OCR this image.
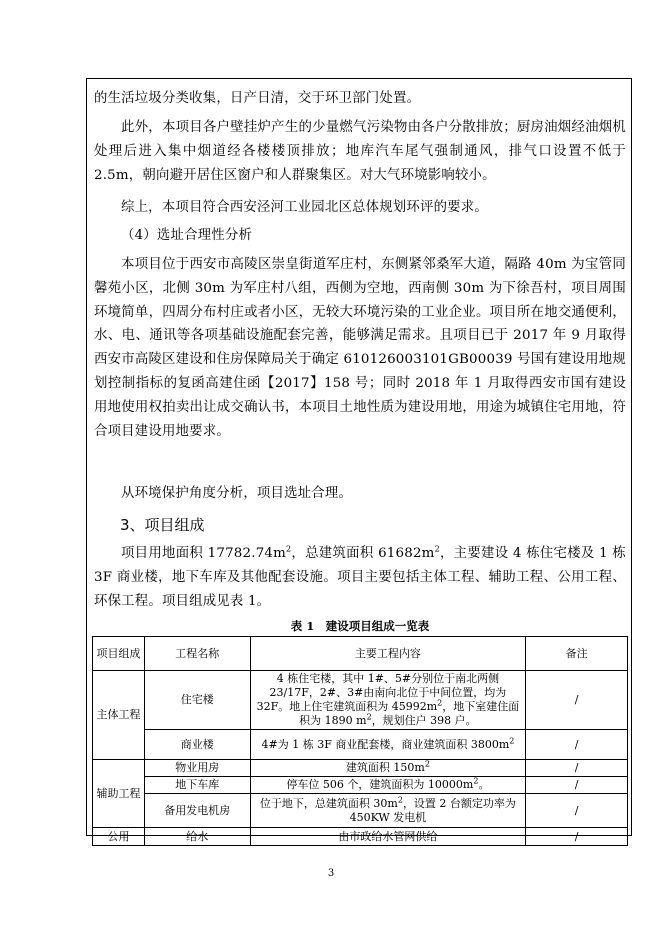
的生活垃圾分类收集，日产日清，交于环卫部门处置。

此外，本项目各户壁挂炉产生的少量燃气污染物由各户分散排放；厨房油烟经油烟机处理后进入集中烟道经各楼楼顶排放；地库汽车尾气强制通风，排气口设置不低于 2.5m，朝向避开居住区窗户和人群聚集区。对大气环境影响较小。

综上，本项目符合西安泾河工业园北区总体规划环评的要求。

（4）选址合理性分析

本项目位于西安市高陵区崇皇街道军庄村，东侧紧邻桑军大道，隔路 40m 为宝管同馨苑小区，北侧 30m 为军庄村八组，西侧为空地，西南侧 30m 为下徐吾村，项目周围环境简单，四周分布村庄或者小区，无较大环境污染的工业企业。项目所在地交通便利，水、电、通讯等各项基础设施配套完善，能够满足需求。且项目已于 2017 年 9 月取得西安市高陵区建设和住房保障局关于确定 610126003101GB00039 号国有建设用地规划控制指标的复函高建住函【2017】158 号；同时 2018 年 1 月取得西安市国有建设用地使用权拍卖出让成交确认书，本项目土地性质为建设用地，用途为城镇住宅用地，符合项目建设用地要求。

从环境保护角度分析，项目选址合理。

3、项目组成

项目用地面积 $17782.74m^2$，总建筑面积 $61682m^2$，主要建设 4 栋住宅楼及 1 栋 3F 商业楼，地下车库及其他配套设施。项目主要包括主体工程、辅助工程、公用工程、环保工程。项目组成见表 1。

表 1　建设项目组成一览表
项目组成	工程名称	主要工程内容	备注
主体工程	住宅楼	4 栋住宅楼，其中 1#、5#分别位于南北两侧 23/17F，2#、3#由南向北位于中间位置，均为 32F。地上住宅建筑面积为 $45992m^2$，地下室建住面积为 1890 $m^2$，规划住户 398 户。	/
	商业楼	4#为 1 栋 3F 商业配套楼，商业建筑面积 $3800m^2$	/
辅助工程	物业用房	建筑面积 $150m^2$	/
	地下车库	停车位 506 个，建筑面积为 $10000m^2$。	/
	备用发电机房	位于地下，总建筑面积 $30m^2$，设置 2 台额定功率为 450KW 发电机	/
公用	给水	由市政给水管网供给	/
3
